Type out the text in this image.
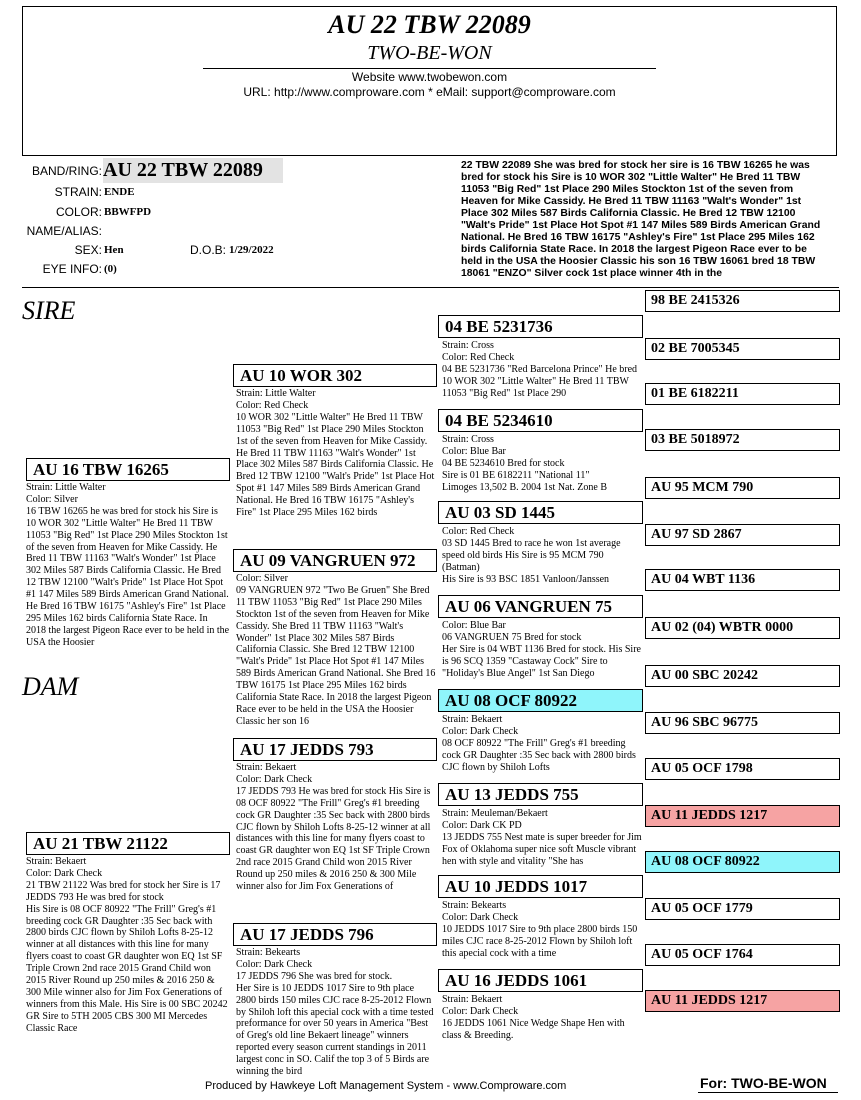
AU 22 TBW 22089
TWO-BE-WON
Website www.twobewon.com
URL: http://www.comproware.com * eMail: support@comproware.com
BAND/RING: AU 22 TBW 22089
STRAIN: ENDE
COLOR: BBWFPD
NAME/ALIAS:
SEX: Hen	D.O.B: 1/29/2022
EYE INFO: (0)
22 TBW 22089 She was bred for stock her sire is 16 TBW 16265 he was bred for stock his Sire is 10 WOR 302 "Little Walter" He Bred 11 TBW 11053 "Big Red" 1st Place 290 Miles Stockton 1st of the seven from Heaven for Mike Cassidy. He Bred 11 TBW 11163 "Walt's Wonder" 1st Place 302 Miles 587 Birds California Classic. He Bred 12 TBW 12100 "Walt's Pride" 1st Place Hot Spot #1 147 Miles 589 Birds American Grand National. He Bred 16 TBW 16175 "Ashley's Fire" 1st Place 295 Miles 162 birds California State Race. In 2018 the largest Pigeon Race ever to be held in the USA the Hoosier Classic his son 16 TBW 16061 bred 18 TBW 18061 "ENZO" Silver cock 1st place winner 4th in the
SIRE
DAM
AU 16 TBW 16265
Strain: Little Walter
Color: Silver
16 TBW 16265 he was bred for stock his Sire is 10 WOR 302 "Little Walter" He Bred 11 TBW 11053 "Big Red" 1st Place 290 Miles Stockton 1st of the seven from Heaven for Mike Cassidy. He Bred 11 TBW 11163 "Walt's Wonder" 1st Place 302 Miles 587 Birds California Classic. He Bred 12 TBW 12100 "Walt's Pride" 1st Place Hot Spot #1 147 Miles 589 Birds American Grand National. He Bred 16 TBW 16175 "Ashley's Fire" 1st Place 295 Miles 162 birds California State Race. In 2018 the largest Pigeon Race ever to be held in the USA the Hoosier
AU 21 TBW 21122
Strain: Bekaert
Color: Dark Check
21 TBW 21122 Was bred for stock her Sire is 17 JEDDS 793 He was bred for stock
His Sire is 08 OCF 80922 "The Frill" Greg's #1 breeding cock GR Daughter :35 Sec back with 2800 birds CJC flown by Shiloh Lofts 8-25-12 winner at all distances with this line for many flyers coast to coast GR daughter won EQ 1st SF Triple Crown 2nd race 2015 Grand Child won 2015 River Round up 250 miles & 2016 250 & 300 Mile winner also for Jim Fox Generations of winners from this Male. His Sire is 00 SBC 20242 GR Sire to 5TH 2005 CBS 300 MI Mercedes Classic Race
AU 10 WOR 302
Strain: Little Walter
Color: Red Check
10 WOR 302 "Little Walter" He Bred 11 TBW 11053 "Big Red" 1st Place 290 Miles Stockton 1st of the seven from Heaven for Mike Cassidy. He Bred 11 TBW 11163 "Walt's Wonder" 1st Place 302 Miles 587 Birds California Classic. He Bred 12 TBW 12100 "Walt's Pride" 1st Place Hot Spot #1 147 Miles 589 Birds American Grand National. He Bred 16 TBW 16175 "Ashley's Fire" 1st Place 295 Miles 162 birds
AU 09 VANGRUEN 972
Color: Silver
09 VANGRUEN 972 "Two Be Gruen" She Bred 11 TBW 11053 "Big Red" 1st Place 290 Miles Stockton 1st of the seven from Heaven for Mike Cassidy. She Bred 11 TBW 11163 "Walt's Wonder" 1st Place 302 Miles 587 Birds California Classic. She Bred 12 TBW 12100 "Walt's Pride" 1st Place Hot Spot #1 147 Miles 589 Birds American Grand National. She Bred 16 TBW 16175 1st Place 295 Miles 162 birds California State Race. In 2018 the largest Pigeon Race ever to be held in the USA the Hoosier Classic her son 16
AU 17 JEDDS 793
Strain: Bekaert
Color: Dark Check
17 JEDDS 793 He was bred for stock His Sire is 08 OCF 80922 "The Frill" Greg's #1 breeding cock GR Daughter :35 Sec back with 2800 birds CJC flown by Shiloh Lofts 8-25-12 winner at all distances with this line for many flyers coast to coast GR daughter won EQ 1st SF Triple Crown 2nd race 2015 Grand Child won 2015 River Round up 250 miles & 2016 250 & 300 Mile winner also for Jim Fox Generations of
AU 17 JEDDS 796
Strain: Bekearts
Color: Dark Check
17 JEDDS 796 She was bred for stock.
Her Sire is 10 JEDDS 1017 Sire to 9th place 2800 birds 150 miles CJC race 8-25-2012 Flown by Shiloh loft this apecial cock with a time tested preformance for over 50 years in America "Best of Greg's old line Bekaert lineage" winners reported every season current standings in 2011 largest conc in SO. Calif the top 3 of 5 Birds are winning the bird
04 BE 5231736
Strain: Cross
Color: Red Check
04 BE 5231736 "Red Barcelona Prince" He bred 10 WOR 302 "Little Walter" He Bred 11 TBW 11053 "Big Red" 1st Place 290
04 BE 5234610
Strain: Cross
Color: Blue Bar
04 BE 5234610 Bred for stock
Sire is 01 BE 6182211 "National 11"
Limoges 13,502 B. 2004 1st Nat. Zone B
AU 03 SD 1445
Color: Red Check
03 SD 1445 Bred to race he won 1st average speed old birds His Sire is 95 MCM 790 (Batman)
His Sire is 93 BSC 1851 Vanloon/Janssen
AU 06 VANGRUEN 75
Color: Blue Bar
06 VANGRUEN 75 Bred for stock
Her Sire is 04 WBT 1136 Bred for stock. His Sire is 96 SCQ 1359 "Castaway Cock" Sire to "Holiday's Blue Angel" 1st San Diego
AU 08 OCF 80922
Strain: Bekaert
Color: Dark Check
08 OCF 80922 "The Frill" Greg's #1 breeding cock GR Daughter :35 Sec back with 2800 birds CJC flown by Shiloh Lofts
AU 13 JEDDS 755
Strain: Meuleman/Bekaert
Color: Dark CK PD
13 JEDDS 755 Nest mate is super breeder for Jim Fox of Oklahoma super nice soft Muscle vibrant hen with style and vitality "She has
AU 10 JEDDS 1017
Strain: Bekearts
Color: Dark Check
10 JEDDS 1017 Sire to 9th place 2800 birds 150 miles CJC race 8-25-2012 Flown by Shiloh loft this apecial cock with a time
AU 16 JEDDS 1061
Strain: Bekaert
Color: Dark Check
16 JEDDS 1061 Nice Wedge Shape Hen with class & Breeding.
98 BE 2415326
02 BE 7005345
01 BE 6182211
03 BE 5018972
AU 95 MCM 790
AU 97 SD 2867
AU 04 WBT 1136
AU 02 (04) WBTR 0000
AU 00 SBC 20242
AU 96 SBC 96775
AU 05 OCF 1798
AU 11 JEDDS 1217
AU 08 OCF 80922
AU 05 OCF 1779
AU 05 OCF 1764
AU 11 JEDDS 1217
Produced by Hawkeye Loft Management System - www.Comproware.com	For: TWO-BE-WON
